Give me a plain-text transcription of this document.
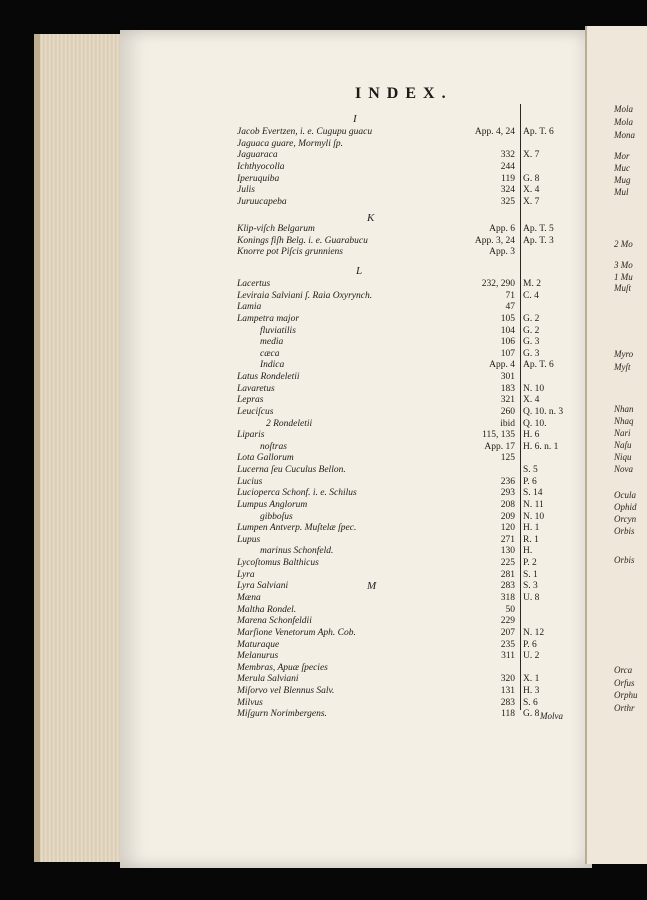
Mola
Mola
Mona
Mor
Muc
Mug
Mul
2 Mo
3 Mo
1 Mu
Muſt
Myro
Myſt
Nhan
Nhaq
Nari
Naſu
Niqu
Nova
Ocula
Ophid
Orcyn
Orbis
Orbis
Orca
Orfus
Orphu
Orthr
INDEX.
I
Jacob Evertzen, i. e. Cugupu guacu	App. 4, 24 Ap. T. 6
Jaguaca guare, Mormyli ſp.
Jaguaraca	332 X. 7
Ichthyocolla	244
Iperuquiba	119 G. 8
Julis	324 X. 4
Juruucapeba	325 X. 7
K
Klip-viſch Belgarum	App. 6 Ap. T. 5
Konings fiſh Belg. i. e. Guarabucu	App. 3, 24 Ap. T. 3
Knorre pot Piſcis grunniens	App. 3
L
Lacertus	232, 290 M. 2
Leviraia Salviani ſ. Raia Oxyrynch.	71 C. 4
Lamia	47
Lampetra major	105 G. 2
fluviatilis	104 G. 2
media	106 G. 3
cæca	107 G. 3
Indica	App. 4 Ap. T. 6
Latus Rondeletii	301
Lavaretus	183 N. 10
Lepras	321 X. 4
Leuciſcus	260 Q. 10. n. 3
2 Rondeletii	ibid Q. 10.
Liparis	115, 135 H. 6
noſtras	App. 17 H. 6. n. 1
Lota Gallorum	125
Lucerna ſeu Cuculus Bellon.	S. 5
Lucius	236 P. 6
Lucioperca Schonf. i. e. Schilus	293 S. 14
Lumpus Anglorum	208 N. 11
gibboſus	209 N. 10
Lumpen Antverp. Muſtelæ ſpec.	120 H. 1
Lupus	271 R. 1
marinus Schonfeld.	130 H.
Lycoſtomus Balthicus	225 P. 2
Lyra	281 S. 1
Lyra Salviani	283 S. 3
M
Mæna	318 U. 8
Maltha Rondel.	50
Marena Schonfeldii	229
Marſione Venetorum Aph. Cob.	207 N. 12
Maturaque	235 P. 6
Melanurus	311 U. 2
Membras, Apuæ ſpecies
Merula Salviani	320 X. 1
Miſorvo vel Blennus Salv.	131 H. 3
Milvus	283 S. 6
Miſgurn Norimbergens.	118 G. 8 Molva
